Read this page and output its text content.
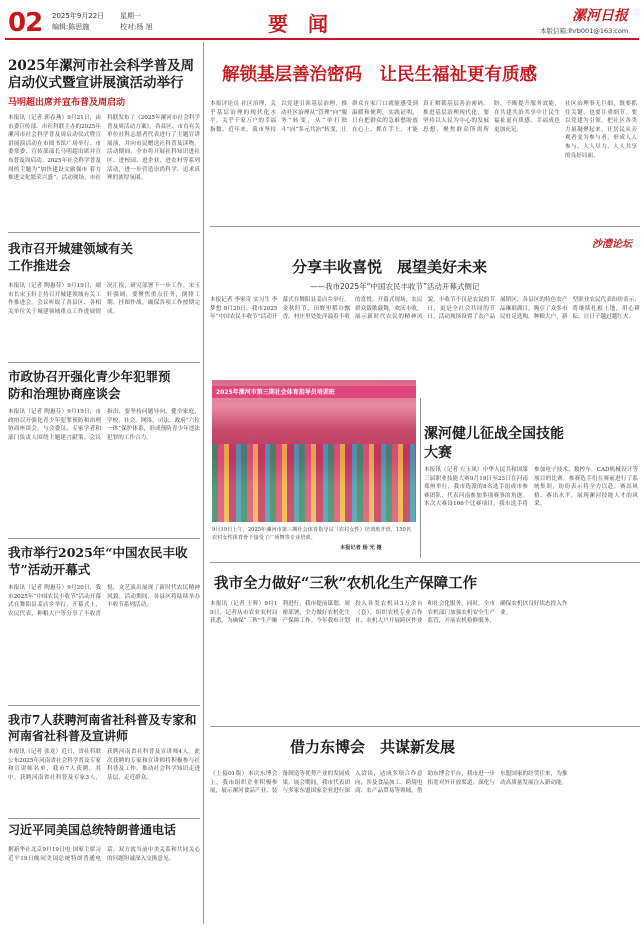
02 2025年9月22日 星期一
编辑:陈思施	校对:杨 旭	要　闻	漯河日报
本版信箱:lhrb001@163.com
2025年漯河市社会科学普及周启动仪式暨宣讲展演活动举行
马明超出席并宣布普及周启动
本报讯（记者 郭春燕）9月21日，由市委宣传部、市社科联主办的2025年漯河市社会科学普及周启动仪式暨宣讲展演活动在市图书馆广场举行。市委常委、宣传部部长马明超出席并宣布普及周启动。2025年社会科学普及周的主题为“加快建设文旅强市 着力推进文化繁荣兴盛”。活动现场，市社科联发布了《2025年漯河市社会科学普及周活动方案》，各县区、市直有关单位社科志愿者代表进行了主题宣讲展演，并向市民赠送社科普及读物。活动期间，全市将开展社科知识进社区、进校园、进企业、进农村等系列活动，进一步营造崇尚科学、追求真理的浓厚氛围。
我市召开城建领域有关工作推进会
本报讯（记者 陶惠芬）9月19日，副市长宋玉轩主持召开城建领域有关工作推进会。会议听取了各县区、各相关单位关于城建领域重点工作进展情况汇报，研究部署下一步工作。宋玉轩强调，要聚焦重点任务，倒排工期、挂图作战，确保各项工作按期完成。
市政协召开强化青少年犯罪预防和治理协商座谈会
本报讯（记者 陶惠芬）9月19日，市政协召开强化青少年犯罪预防和治理协商座谈会。与会委员、专家学者和部门负责人围绕主题建言献策。会议指出，要坚持问题导向，健全家庭、学校、社会、网络、司法、政府“六位一体”保护体系，形成预防青少年违法犯罪的工作合力。
我市举行2025年“中国农民丰收节”活动开幕式
本报讯（记者 陶惠芬）9月20日，我市2025年“中国农民丰收节”活动开幕式在舞阳县姜店乡举行。开幕式上，农民代表、种粮大户等分享了丰收喜悦，文艺演出展现了新时代农民精神风貌。活动期间，各县区将陆续举办丰收节系列活动。
我市7人获聘河南省社科普及专家和河南省社科普及宣讲师
本报讯（记者 张龙）近日，省社科联公布2025年河南省社会科学普及专家和宣讲师名单，我市7人获聘。其中，获聘河南省社科普及专家3人，获聘河南省社科普及宣讲师4人。此次获聘的专家和宣讲师将积极参与社科普及工作，推动社会科学知识走进基层、走近群众。
习近平同美国总统特朗普通电话
据新华社北京9月19日电 国家主席习近平19日晚同美国总统特朗普通电话。双方就当前中美关系和共同关心的问题坦诚深入交换意见。
解锁基层善治密码　让民生福祉更有质感
本报评论员 社区治理，关乎基层治理的现代化水平，关乎千家万户的幸福指数。近年来，我市坚持以党建引领基层治理，推动社区治理从“管理”向“服务”转变，从“单打独斗”向“多元共治”转变，让群众在家门口就能感受到温暖和便利。实践证明，只有把群众的急难愁盼放在心上、抓在手上，才能真正解锁基层善治密码。推进基层治理现代化，要坚持以人民为中心的发展思想，聚焦群众所需所盼，不断提升服务效能，在共建共治共享中让民生福祉更有质感、幸福成色更加充足。
社区治理事无巨细，既要抓住关键，也要注重细节。要以党建为引领，把社区各类力量凝聚起来，让居民从旁观者变为参与者，形成人人参与、人人尽力、人人共享的良好局面。
沙澧论坛
分享丰收喜悦　展望美好未来
——我市2025年“中国农民丰收节”活动开幕式侧记
本报记者 李家奇 实习生 李梦想 9月20日，我市2025年“中国农民丰收节”活动开幕式在舞阳县姜店乡举行。金秋时节，田野里稻谷飘香，村庄里处处洋溢着丰收的喜悦。开幕式现场，农民群众载歌载舞，欢庆丰收，展示新时代农民的精神风貌。丰收节不仅是农民的节日，更是全社会共同的节日。活动现场设置了农产品展销区，各县区的特色农产品琳琅满目，吸引了众多市民驻足选购。种粮大户、新型职业农民代表纷纷表示，将继续扎根土地，用心耕耘，让日子越过越红火。
2025年漯河市第三期社会体育指导员培训班
9月19日上午，2025年漯河市第三期社会体育指导员（农村女性）培训班开班，150名农村女性体育骨干接受了广场舞等专业培训。
本报记者 杨 光 摄
漯河健儿征战全国技能大赛
本报讯（记者 左玉凤）中华人民共和国第三届职业技能大赛9月19日至23日在河南郑州举行，我市选派的8名选手组成市参赛团队，代表河南参加多项赛事的角逐。本次大赛设106个比赛项目，我市选手将参加电子技术、数控车、CAD机械设计等项目的比赛。参赛选手们在赛前进行了系统集训，纷纷表示将全力以赴，赛出风格、赛出水平，展现漯河技能人才的风采。
我市全力做好“三秋”农机化生产保障工作
本报讯（记者 王辉）9月19日，记者从市农业农村局获悉，为确保“三秋”生产顺利进行，我市提前谋划、周密部署，全力做好农机化生产保障工作。今年我市计划投入各类农机具3万余台（套），组织农机专业合作社、农机大户开展跨区作业和社会化服务。同时，全市农机部门加强农机安全生产监管，开展农机检修服务，确保农机以良好状态投入作业。
借力东博会　共谋新发展
（上接01版）本次东博会上，我市组织企业积极参展，展示漯河食品产业、装备制造等优势产业的发展成果。展会期间，我市代表团与多家东盟国家企业进行深入洽谈，达成多项合作意向，涉及食品加工、跨境电商、农产品贸易等领域。借助东博会平台，我市进一步拓宽对外开放渠道，深化与东盟国家的经贸往来，为推动高质量发展注入新动能。
